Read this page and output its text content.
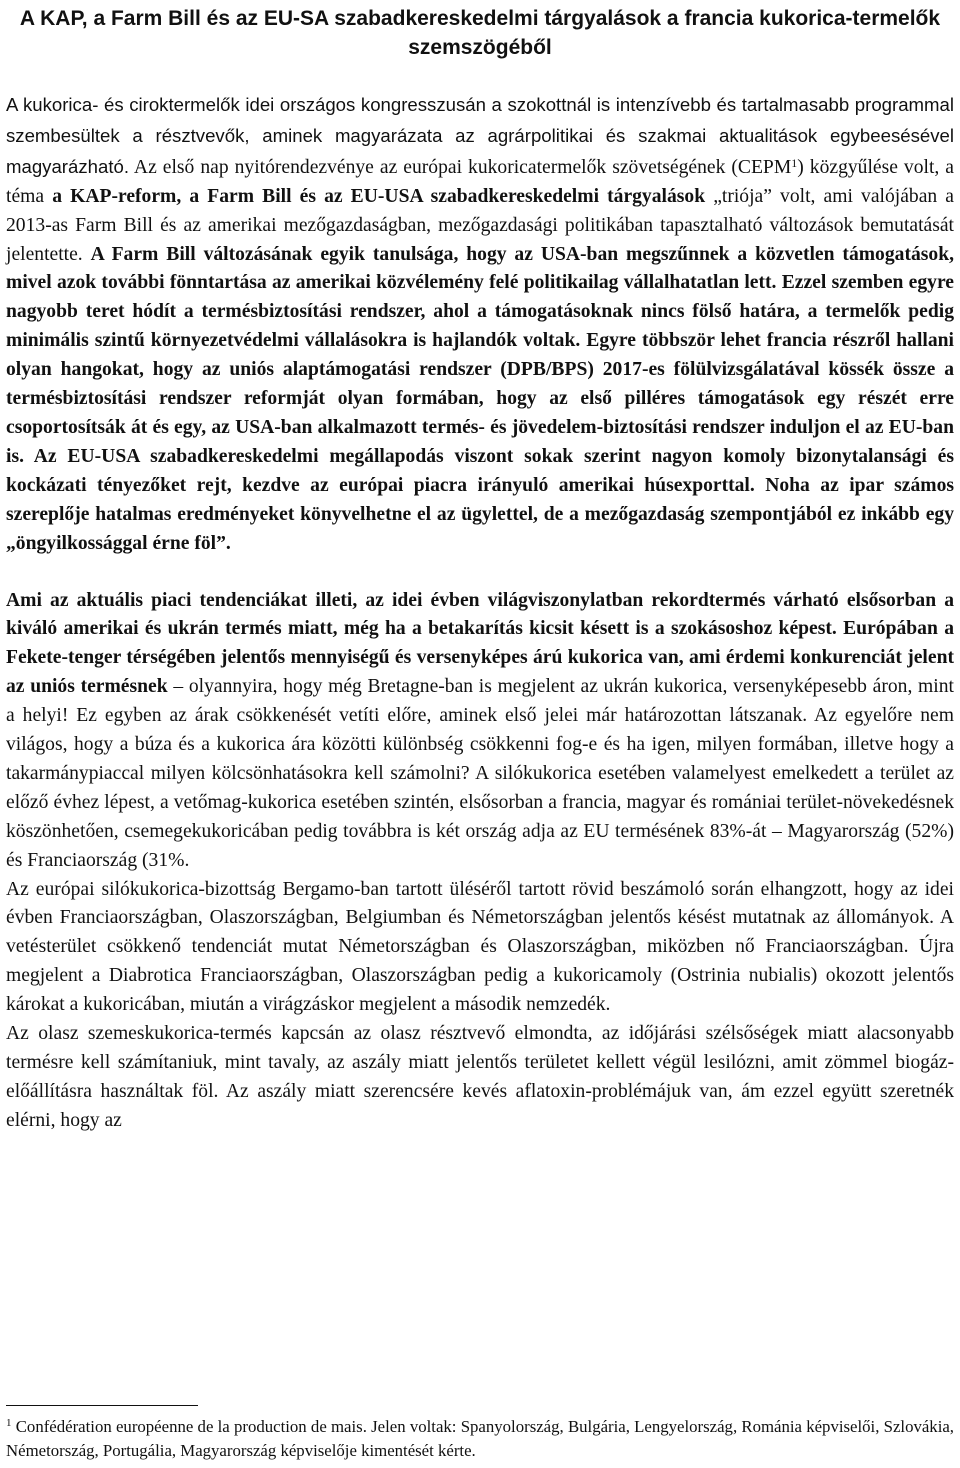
A KAP, a Farm Bill és az EU-SA szabadkereskedelmi tárgyalások a francia kukorica-termelők szemszögéből

A kukorica- és ciroktermelők idei országos kongresszusán a szokottnál is intenzívebb és tartalmasabb programmal szembesültek a résztvevők, aminek magyarázata az agrárpolitikai és szakmai aktualitások egybeesésével magyarázható. Az első nap nyitórendezvénye az európai kukoricatermelők szövetségének (CEPM$^1$) közgyűlése volt, a téma a KAP-reform, a Farm Bill és az EU-USA szabadkereskedelmi tárgyalások „triója” volt, ami valójában a 2013-as Farm Bill és az amerikai mezőgazdaságban, mezőgazdasági politikában tapasztalható változások bemutatását jelentette. A Farm Bill változásának egyik tanulsága, hogy az USA-ban megszűnnek a közvetlen támogatások, mivel azok további fönntartása az amerikai közvélemény felé politikailag vállalhatatlan lett. Ezzel szemben egyre nagyobb teret hódít a termésbiztosítási rendszer, ahol a támogatásoknak nincs fölső határa, a termelők pedig minimális szintű környezetvédelmi vállalásokra is hajlandók voltak. Egyre többször lehet francia részről hallani olyan hangokat, hogy az uniós alaptámogatási rendszer (DPB/BPS) 2017-es fölülvizsgálatával kössék össze a termésbiztosítási rendszer reformját olyan formában, hogy az első pilléres támogatások egy részét erre csoportosítsák át és egy, az USA-ban alkalmazott termés- és jövedelem-biztosítási rendszer induljon el az EU-ban is. Az EU-USA szabadkereskedelmi megállapodás viszont sokak szerint nagyon komoly bizonytalansági és kockázati tényezőket rejt, kezdve az európai piacra irányuló amerikai húsexporttal. Noha az ipar számos szereplője hatalmas eredményeket könyvelhetne el az ügylettel, de a mezőgazdaság szempontjából ez inkább egy „öngyilkossággal érne föl”.

Ami az aktuális piaci tendenciákat illeti, az idei évben világviszonylatban rekordtermés várható elsősorban a kiváló amerikai és ukrán termés miatt, még ha a betakarítás kicsit késett is a szokásoshoz képest. Európában a Fekete-tenger térségében jelentős mennyiségű és versenyképes árú kukorica van, ami érdemi konkurenciát jelent az uniós termésnek – olyannyira, hogy még Bretagne-ban is megjelent az ukrán kukorica, versenyképesebb áron, mint a helyi! Ez egyben az árak csökkenését vetíti előre, aminek első jelei már határozottan látszanak. Az egyelőre nem világos, hogy a búza és a kukorica ára közötti különbség csökkenni fog-e és ha igen, milyen formában, illetve hogy a takarmánypiaccal milyen kölcsönhatásokra kell számolni? A silókukorica esetében valamelyest emelkedett a terület az előző évhez lépest, a vetőmag-kukorica esetében szintén, elsősorban a francia, magyar és romániai terület-növekedésnek köszönhetően, csemegekukoricában pedig továbbra is két ország adja az EU termésének 83%-át – Magyarország (52%) és Franciaország (31%.

Az európai silókukorica-bizottság Bergamo-ban tartott üléséről tartott rövid beszámoló során elhangzott, hogy az idei évben Franciaországban, Olaszországban, Belgiumban és Németországban jelentős késést mutatnak az állományok. A vetésterület csökkenő tendenciát mutat Németországban és Olaszországban, miközben nő Franciaországban. Újra megjelent a Diabrotica Franciaországban, Olaszországban pedig a kukoricamoly (Ostrinia nubialis) okozott jelentős károkat a kukoricában, miután a virágzáskor megjelent a második nemzedék.

Az olasz szemeskukorica-termés kapcsán az olasz résztvevő elmondta, az időjárási szélsőségek miatt alacsonyabb termésre kell számítaniuk, mint tavaly, az aszály miatt jelentős területet kellett végül lesilózni, amit zömmel biogáz-előállításra használtak föl. Az aszály miatt szerencsére kevés aflatoxin-problémájuk van, ám ezzel együtt szeretnék elérni, hogy az

$^1$ Confédération européenne de la production de mais. Jelen voltak: Spanyolország, Bulgária, Lengyelország, Románia képviselői, Szlovákia, Németország, Portugália, Magyarország képviselője kimentését kérte.
